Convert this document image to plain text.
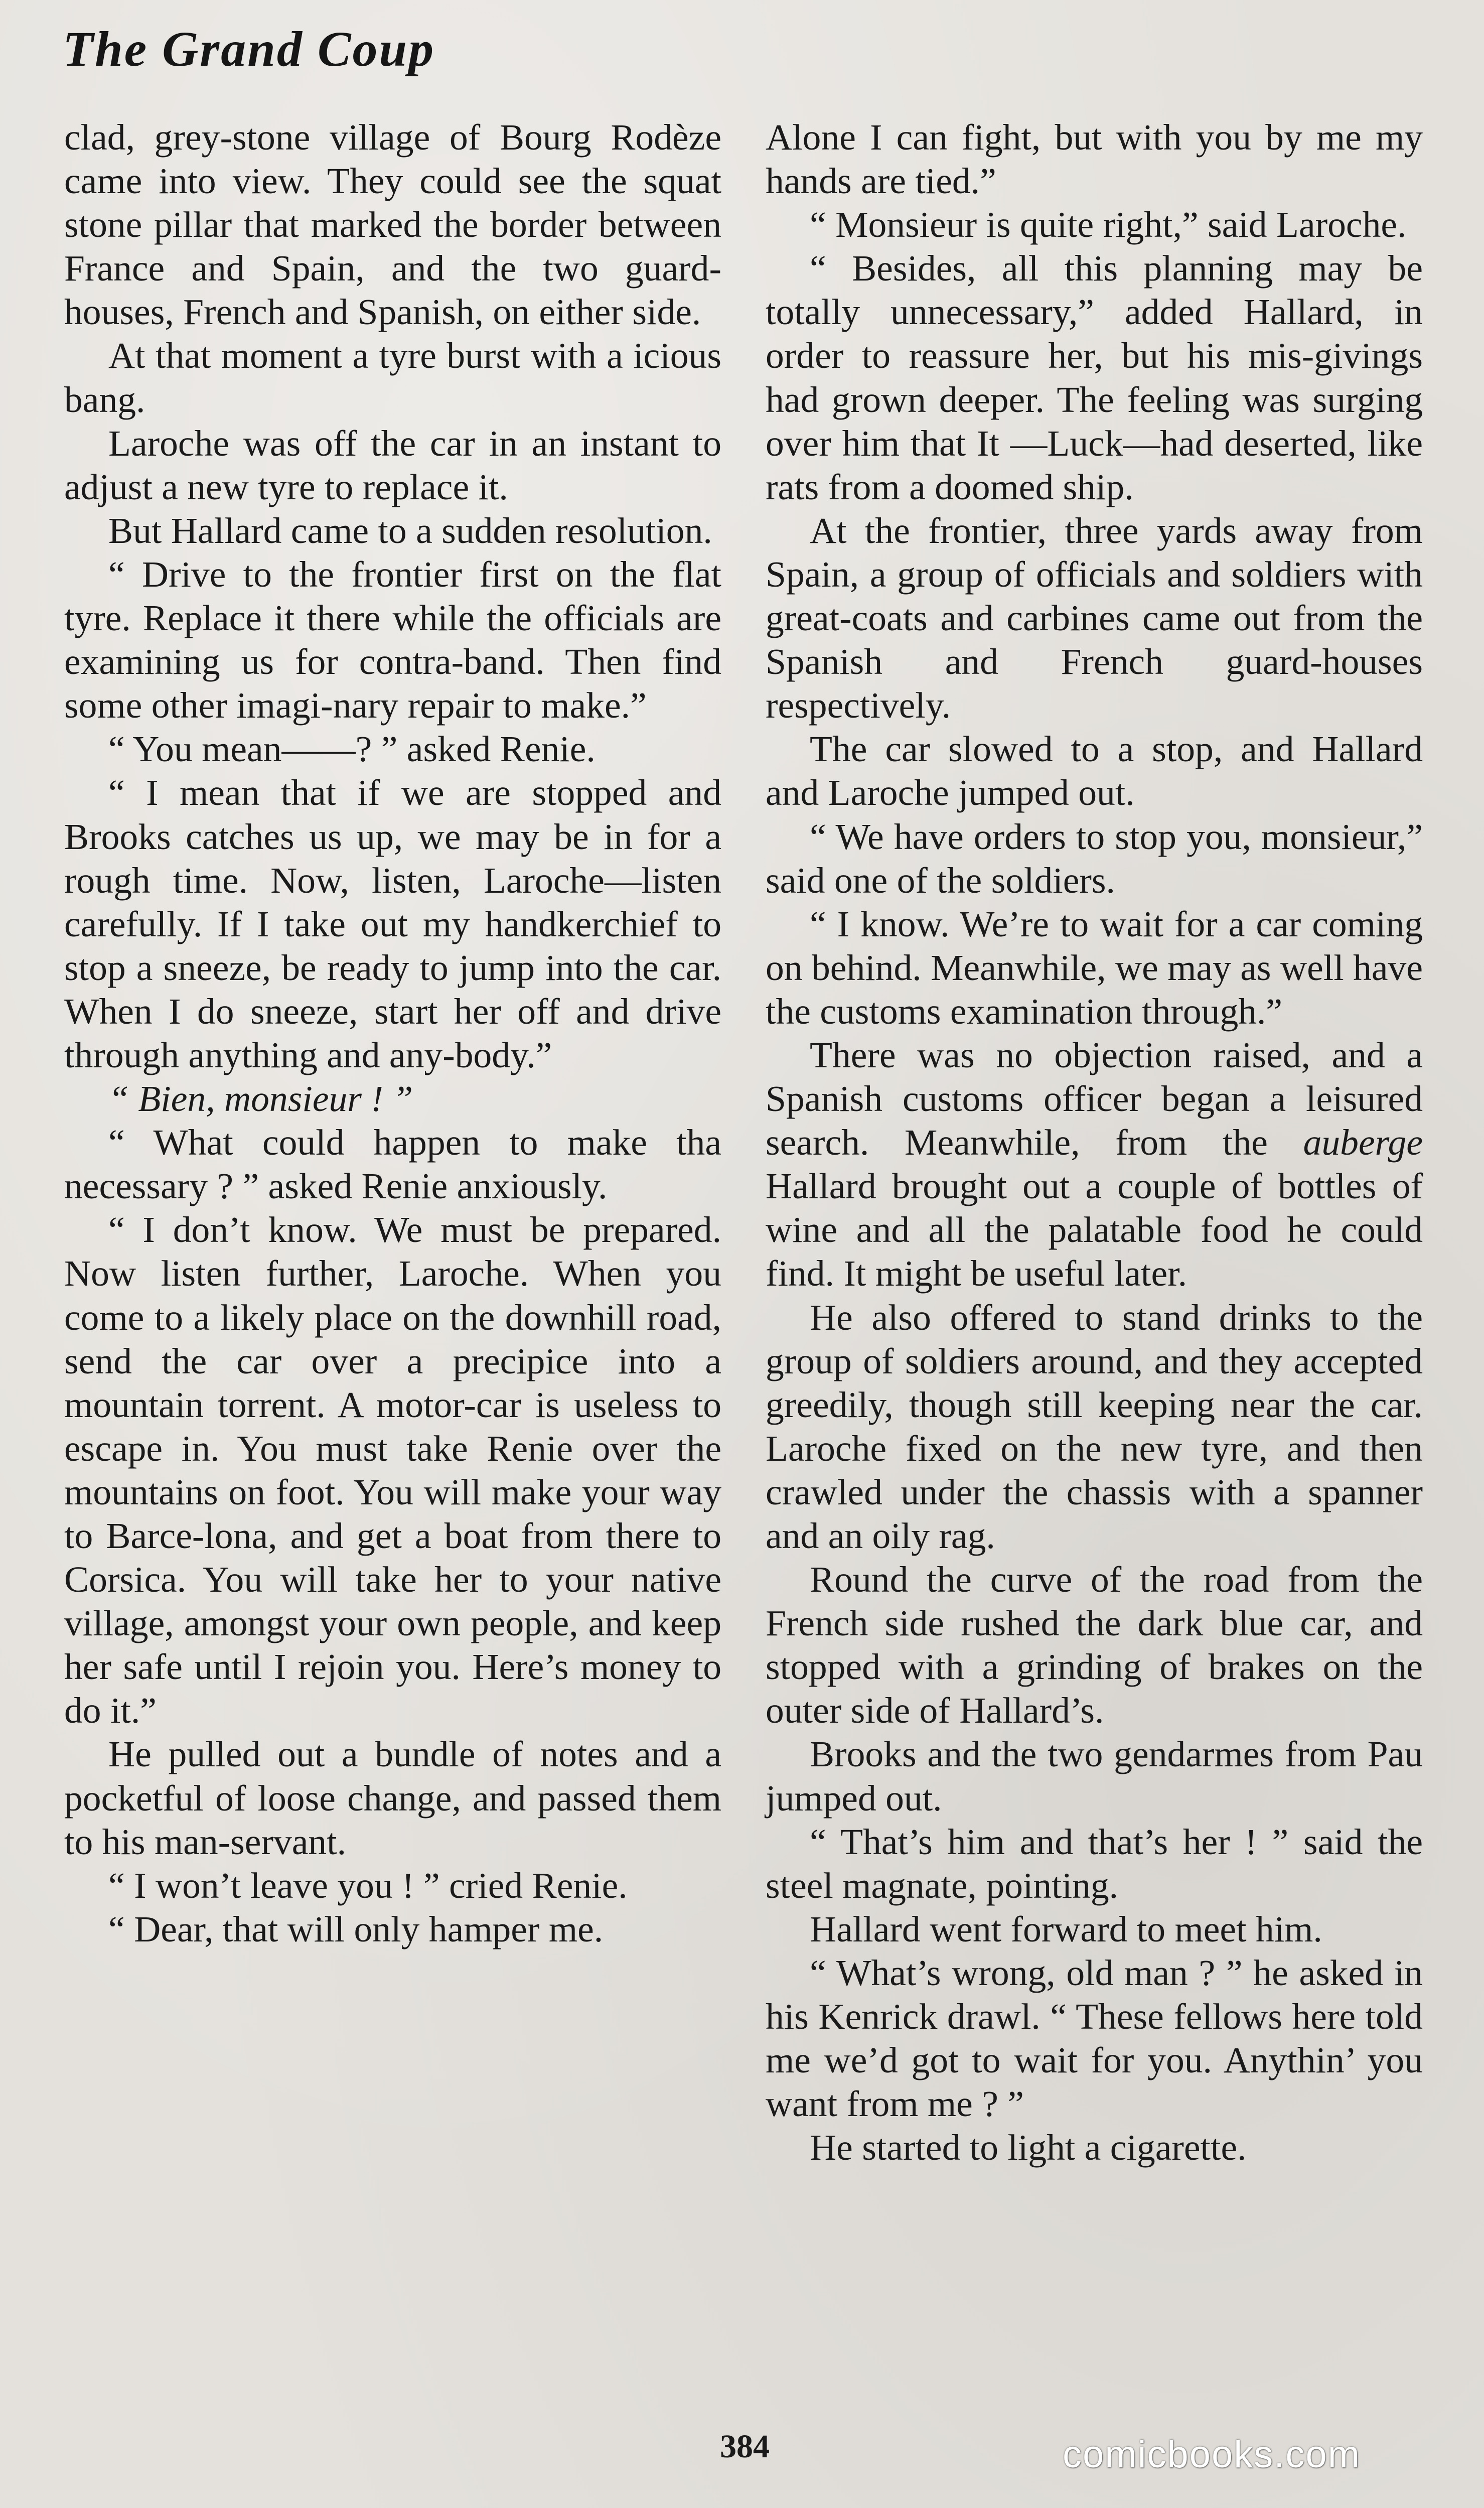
The Grand Coup

clad, grey-stone village of Bourg Rodèze came into view. They could see the squat stone pillar that marked the border between France and Spain, and the two guard-houses, French and Spanish, on either side.

At that moment a tyre burst with a icious bang.

Laroche was off the car in an instant to adjust a new tyre to replace it.

But Hallard came to a sudden resolution.

“ Drive to the frontier first on the flat tyre. Replace it there while the officials are examining us for contra-band. Then find some other imagi-nary repair to make.”

“ You mean——? ” asked Renie.

“ I mean that if we are stopped and Brooks catches us up, we may be in for a rough time. Now, listen, Laroche—listen carefully. If I take out my handkerchief to stop a sneeze, be ready to jump into the car. When I do sneeze, start her off and drive through anything and any-body.”

“ Bien, monsieur ! ”

“ What could happen to make tha necessary ? ” asked Renie anxiously.

“ I don’t know. We must be prepared. Now listen further, Laroche. When you come to a likely place on the downhill road, send the car over a precipice into a mountain torrent. A motor-car is useless to escape in. You must take Renie over the mountains on foot. You will make your way to Barce-lona, and get a boat from there to Corsica. You will take her to your native village, amongst your own people, and keep her safe until I rejoin you. Here’s money to do it.”

He pulled out a bundle of notes and a pocketful of loose change, and passed them to his man-servant.

“ I won’t leave you ! ” cried Renie.

“ Dear, that will only hamper me.

Alone I can fight, but with you by me my hands are tied.”

“ Monsieur is quite right,” said Laroche.

“ Besides, all this planning may be totally unnecessary,” added Hallard, in order to reassure her, but his mis-givings had grown deeper. The feeling was surging over him that It —Luck—had deserted, like rats from a doomed ship.

At the frontier, three yards away from Spain, a group of officials and soldiers with great-coats and carbines came out from the Spanish and French guard-houses respectively.

The car slowed to a stop, and Hallard and Laroche jumped out.

“ We have orders to stop you, monsieur,” said one of the soldiers.

“ I know. We’re to wait for a car coming on behind. Meanwhile, we may as well have the customs examination through.”

There was no objection raised, and a Spanish customs officer began a leisured search. Meanwhile, from the auberge Hallard brought out a couple of bottles of wine and all the palatable food he could find. It might be useful later.

He also offered to stand drinks to the group of soldiers around, and they accepted greedily, though still keeping near the car. Laroche fixed on the new tyre, and then crawled under the chassis with a spanner and an oily rag.

Round the curve of the road from the French side rushed the dark blue car, and stopped with a grinding of brakes on the outer side of Hallard’s.

Brooks and the two gendarmes from Pau jumped out.

“ That’s him and that’s her ! ” said the steel magnate, pointing.

Hallard went forward to meet him.

“ What’s wrong, old man ? ” he asked in his Kenrick drawl. “ These fellows here told me we’d got to wait for you. Anythin’ you want from me ? ”

He started to light a cigarette.

384	comicbooks.com
